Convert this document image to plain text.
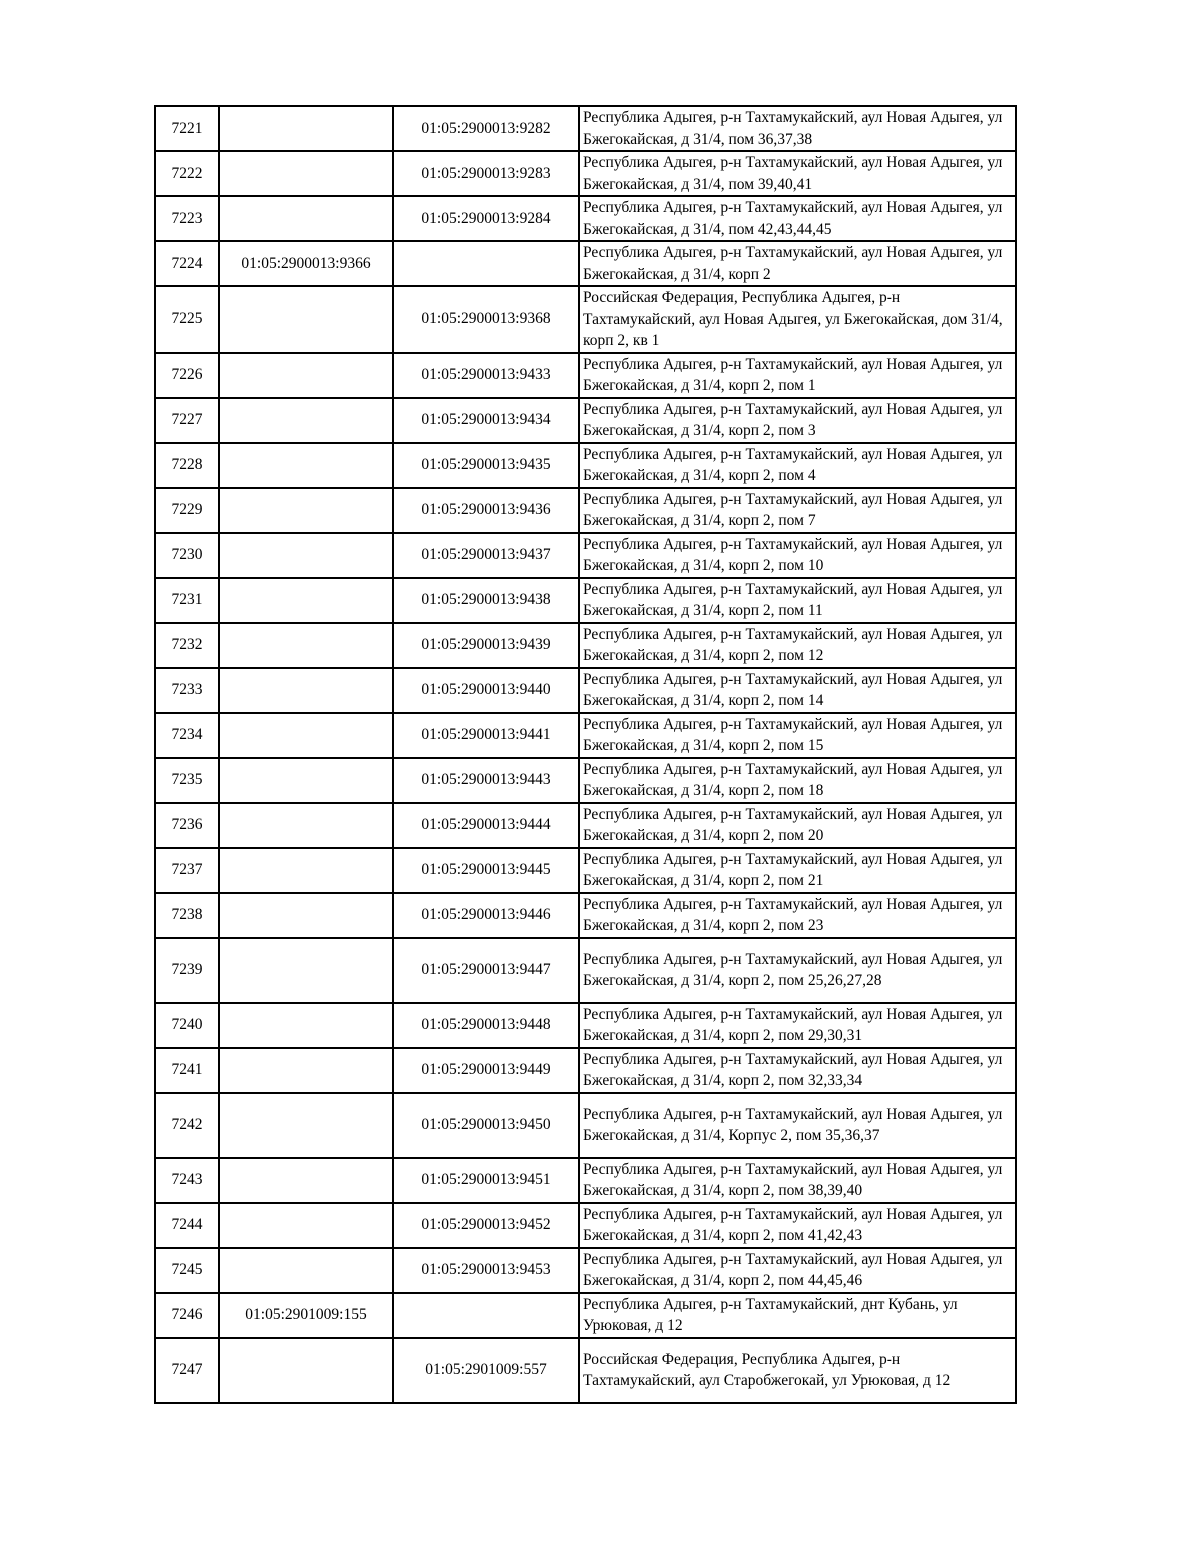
7221		01:05:2900013:9282	Республика Адыгея, р-н Тахтамукайский, аул Новая Адыгея, ул Бжегокайская, д 31/4, пом 36,37,38
7222		01:05:2900013:9283	Республика Адыгея, р-н Тахтамукайский, аул Новая Адыгея, ул Бжегокайская, д 31/4, пом 39,40,41
7223		01:05:2900013:9284	Республика Адыгея, р-н Тахтамукайский, аул Новая Адыгея, ул Бжегокайская, д 31/4, пом 42,43,44,45
7224	01:05:2900013:9366		Республика Адыгея, р-н Тахтамукайский, аул Новая Адыгея, ул Бжегокайская, д 31/4, корп 2
7225		01:05:2900013:9368	Российская Федерация, Республика Адыгея, р-н Тахтамукайский, аул Новая Адыгея, ул Бжегокайская, дом 31/4, корп 2, кв 1
7226		01:05:2900013:9433	Республика Адыгея, р-н Тахтамукайский, аул Новая Адыгея, ул Бжегокайская, д 31/4, корп 2, пом 1
7227		01:05:2900013:9434	Республика Адыгея, р-н Тахтамукайский, аул Новая Адыгея, ул Бжегокайская, д 31/4, корп 2, пом 3
7228		01:05:2900013:9435	Республика Адыгея, р-н Тахтамукайский, аул Новая Адыгея, ул Бжегокайская, д 31/4, корп 2, пом 4
7229		01:05:2900013:9436	Республика Адыгея, р-н Тахтамукайский, аул Новая Адыгея, ул Бжегокайская, д 31/4, корп 2, пом 7
7230		01:05:2900013:9437	Республика Адыгея, р-н Тахтамукайский, аул Новая Адыгея, ул Бжегокайская, д 31/4, корп 2, пом 10
7231		01:05:2900013:9438	Республика Адыгея, р-н Тахтамукайский, аул Новая Адыгея, ул Бжегокайская, д 31/4, корп 2, пом 11
7232		01:05:2900013:9439	Республика Адыгея, р-н Тахтамукайский, аул Новая Адыгея, ул Бжегокайская, д 31/4, корп 2, пом 12
7233		01:05:2900013:9440	Республика Адыгея, р-н Тахтамукайский, аул Новая Адыгея, ул Бжегокайская, д 31/4, корп 2, пом 14
7234		01:05:2900013:9441	Республика Адыгея, р-н Тахтамукайский, аул Новая Адыгея, ул Бжегокайская, д 31/4, корп 2, пом 15
7235		01:05:2900013:9443	Республика Адыгея, р-н Тахтамукайский, аул Новая Адыгея, ул Бжегокайская, д 31/4, корп 2, пом 18
7236		01:05:2900013:9444	Республика Адыгея, р-н Тахтамукайский, аул Новая Адыгея, ул Бжегокайская, д 31/4, корп 2, пом 20
7237		01:05:2900013:9445	Республика Адыгея, р-н Тахтамукайский, аул Новая Адыгея, ул Бжегокайская, д 31/4, корп 2, пом 21
7238		01:05:2900013:9446	Республика Адыгея, р-н Тахтамукайский, аул Новая Адыгея, ул Бжегокайская, д 31/4, корп 2, пом 23
7239		01:05:2900013:9447	Республика Адыгея, р-н Тахтамукайский, аул Новая Адыгея, ул Бжегокайская, д 31/4, корп 2, пом 25,26,27,28
7240		01:05:2900013:9448	Республика Адыгея, р-н Тахтамукайский, аул Новая Адыгея, ул Бжегокайская, д 31/4, корп 2, пом 29,30,31
7241		01:05:2900013:9449	Республика Адыгея, р-н Тахтамукайский, аул Новая Адыгея, ул Бжегокайская, д 31/4, корп 2, пом 32,33,34
7242		01:05:2900013:9450	Республика Адыгея, р-н Тахтамукайский, аул Новая Адыгея, ул Бжегокайская, д 31/4, Корпус 2, пом 35,36,37
7243		01:05:2900013:9451	Республика Адыгея, р-н Тахтамукайский, аул Новая Адыгея, ул Бжегокайская, д 31/4, корп 2, пом 38,39,40
7244		01:05:2900013:9452	Республика Адыгея, р-н Тахтамукайский, аул Новая Адыгея, ул Бжегокайская, д 31/4, корп 2, пом 41,42,43
7245		01:05:2900013:9453	Республика Адыгея, р-н Тахтамукайский, аул Новая Адыгея, ул Бжегокайская, д 31/4, корп 2, пом 44,45,46
7246	01:05:2901009:155		Республика Адыгея, р-н Тахтамукайский, днт Кубань, ул Урюковая, д 12
7247		01:05:2901009:557	Российская Федерация, Республика Адыгея, р-н Тахтамукайский, аул Старобжегокай, ул Урюковая, д 12
